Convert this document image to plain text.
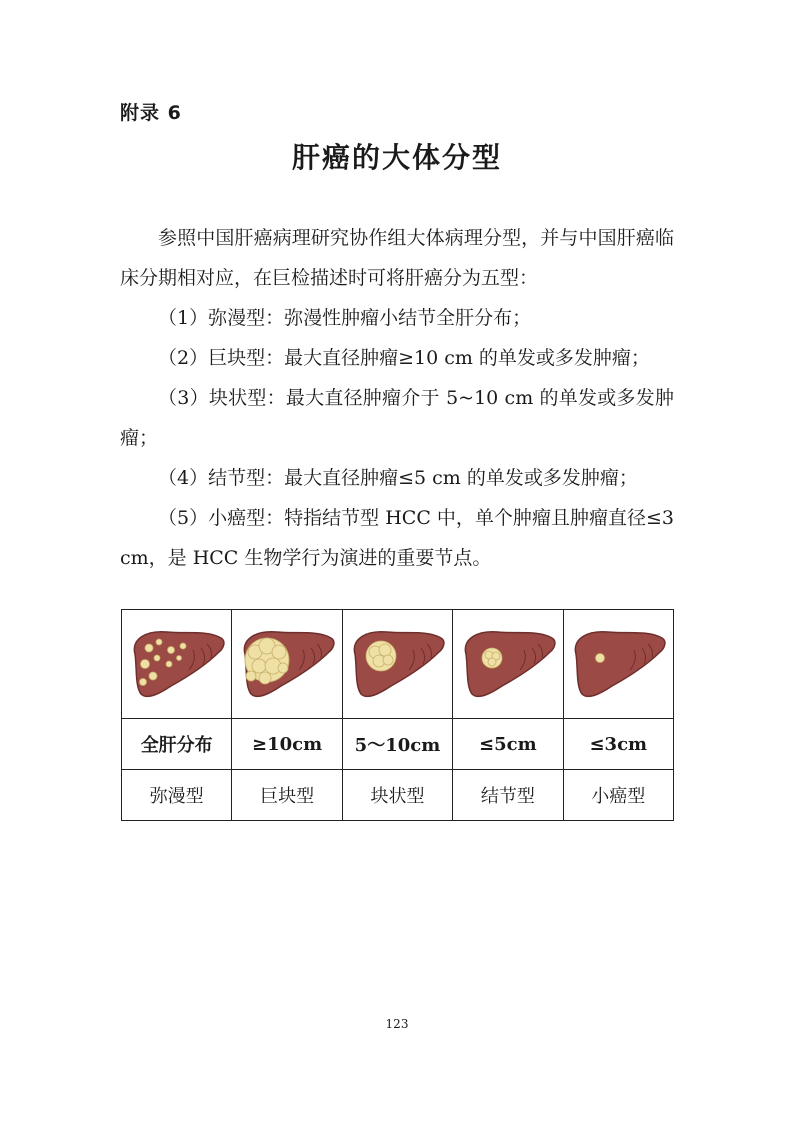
附录 6
肝癌的大体分型

参照中国肝癌病理研究协作组大体病理分型，并与中国肝癌临床分期相对应，在巨检描述时可将肝癌分为五型：

（1）弥漫型：弥漫性肿瘤小结节全肝分布；

（2）巨块型：最大直径肿瘤≥10 cm 的单发或多发肿瘤；

（3）块状型：最大直径肿瘤介于 5~10 cm 的单发或多发肿瘤；

（4）结节型：最大直径肿瘤≤5 cm 的单发或多发肿瘤；

（5）小癌型：特指结节型 HCC 中，单个肿瘤且肿瘤直径≤3 cm，是 HCC 生物学行为演进的重要节点。

全肝分布	≥10cm	5～10cm	≤5cm	≤3cm
弥漫型	巨块型	块状型	结节型	小癌型
123
